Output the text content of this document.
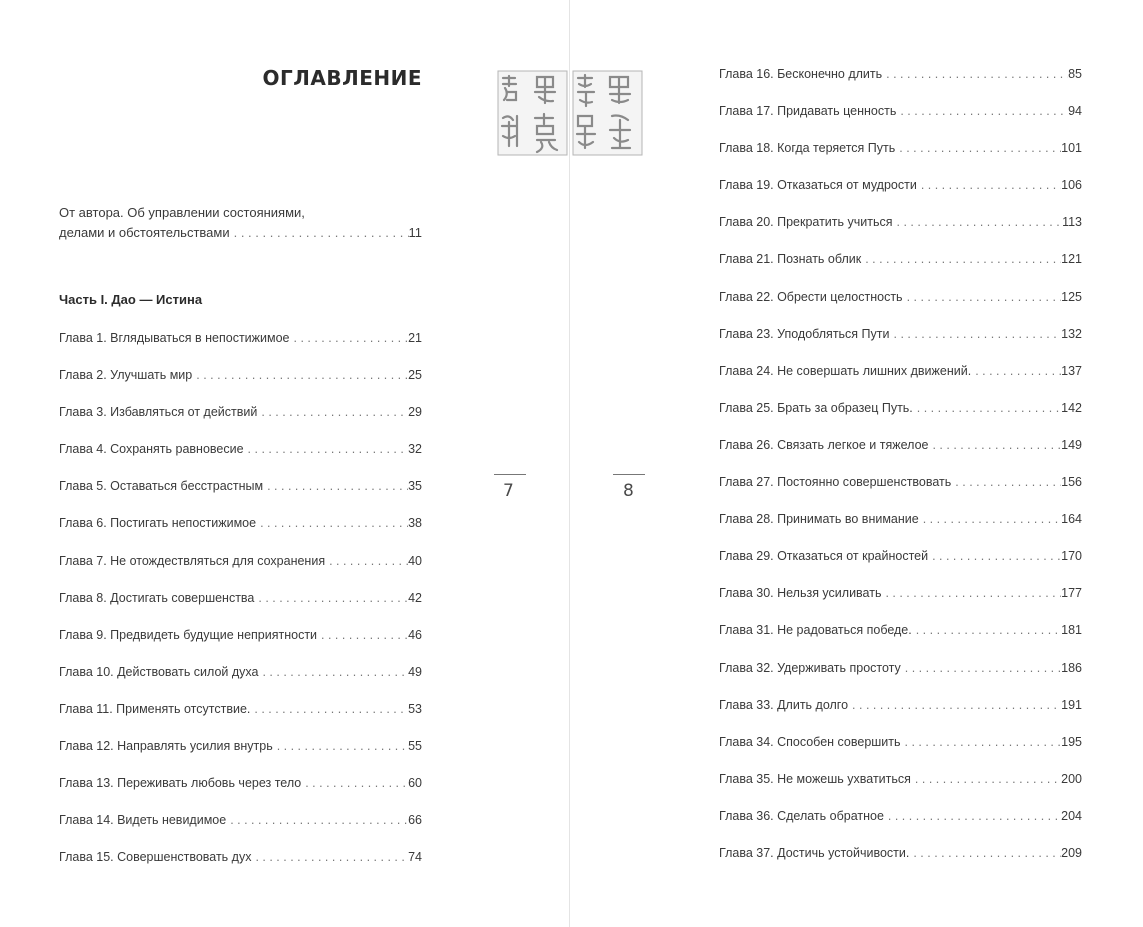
ОГЛАВЛЕНИЕ
От автора. Об управлении состояниями,
делами и обстоятельствами . . .	11
Часть I. Дао — Истина
Глава 1. Вглядываться в непостижимое . . .	21
Глава 2. Улучшать мир . . .	25
Глава 3. Избавляться от действий . . .	29
Глава 4. Сохранять равновесие . . .	32
Глава 5. Оставаться бесстрастным . . .	35
Глава 6. Постигать непостижимое . . .	38
Глава 7. Не отождествляться для сохранения . . .	40
Глава 8. Достигать совершенства . . .	42
Глава 9. Предвидеть будущие неприятности . . .	46
Глава 10. Действовать силой духа . . .	49
Глава 11. Применять отсутствие. . . .	53
Глава 12. Направлять усилия внутрь . . .	55
Глава 13. Переживать любовь через тело . . .	60
Глава 14. Видеть невидимое . . .	66
Глава 15. Совершенствовать дух . . .	74
7	8
Глава 16. Бесконечно длить . . .	85
Глава 17. Придавать ценность . . .	94
Глава 18. Когда теряется Путь . . .	101
Глава 19. Отказаться от мудрости . . .	106
Глава 20. Прекратить учиться . . .	113
Глава 21. Познать облик . . .	121
Глава 22. Обрести целостность . . .	125
Глава 23. Уподобляться Пути . . .	132
Глава 24. Не совершать лишних движений. . . .	137
Глава 25. Брать за образец Путь. . . .	142
Глава 26. Связать легкое и тяжелое . . .	149
Глава 27. Постоянно совершенствовать . . .	156
Глава 28. Принимать во внимание . . .	164
Глава 29. Отказаться от крайностей . . .	170
Глава 30. Нельзя усиливать . . .	177
Глава 31. Не радоваться победе. . . .	181
Глава 32. Удерживать простоту . . .	186
Глава 33. Длить долго . . .	191
Глава 34. Способен совершить . . .	195
Глава 35. Не можешь ухватиться . . .	200
Глава 36. Сделать обратное . . .	204
Глава 37. Достичь устойчивости. . . .	209
